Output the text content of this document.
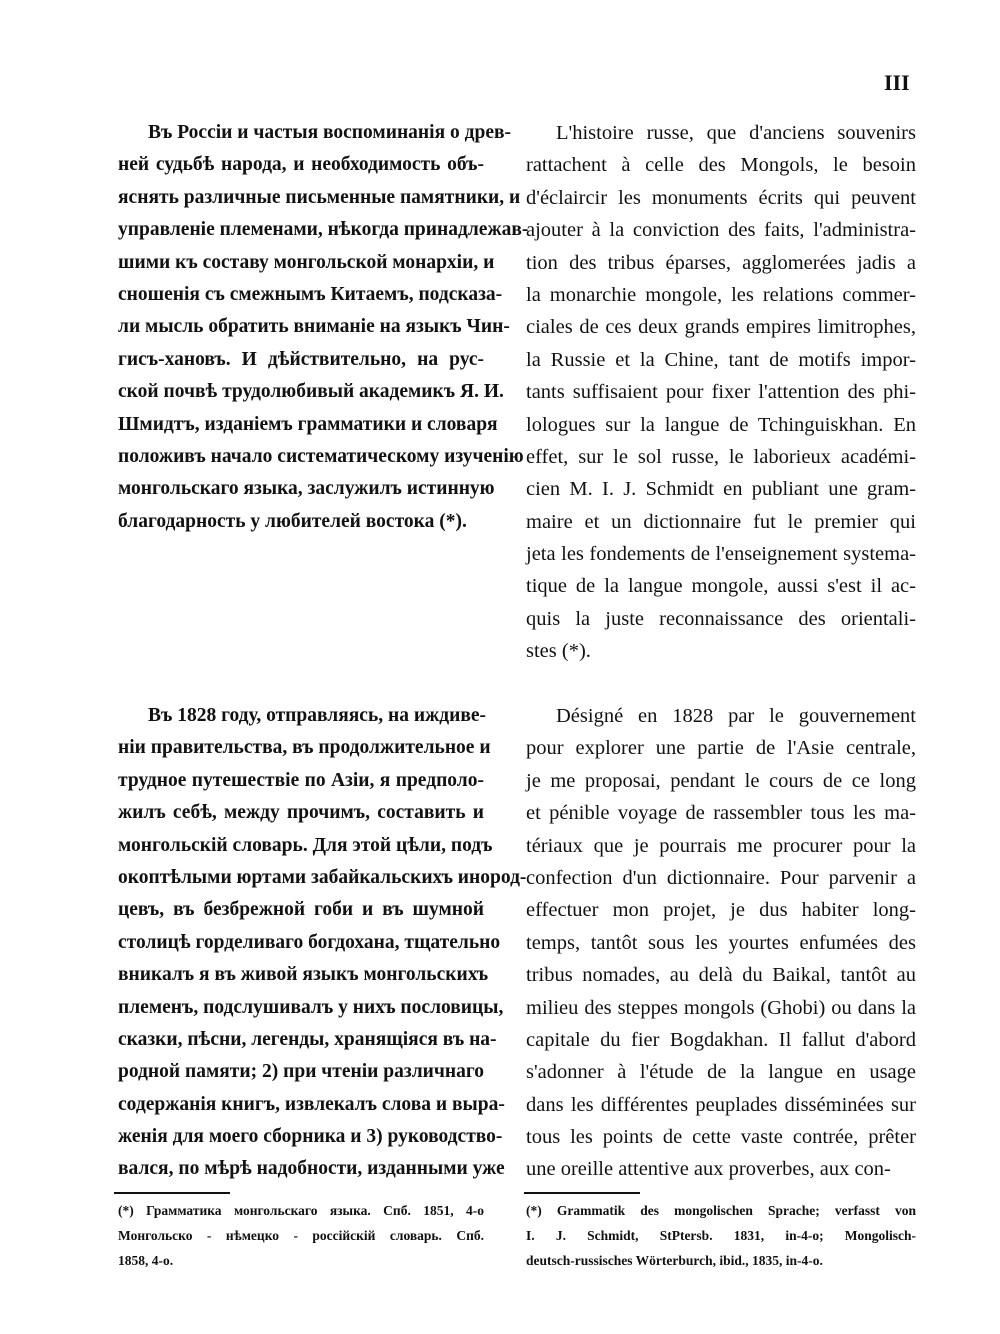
III
Въ Россіи и частыя воспоминанія о древ-
ней судьбѣ народа, и необходимость объ-
яснять различные письменные памятники, и
управленіе племенами, нѣкогда принадлежав-
шими къ составу монгольской монархіи, и
сношенія съ смежнымъ Китаемъ, подсказа-
ли мысль обратить вниманіе на языкъ Чин-
гисъ-хановъ. И дѣйствительно, на рус-
ской почвѣ трудолюбивый академикъ Я. И.
Шмидтъ, изданіемъ грамматики и словаря
положивъ начало систематическому изученію
монгольскаго языка, заслужилъ истинную
благодарность у любителей востока (*).
Въ 1828 году, отправляясь, на иждиве-
ніи правительства, въ продолжительное и
трудное путешествіе по Азіи, я предполо-
жилъ себѣ, между прочимъ, составить и
монгольскій словарь. Для этой цѣли, подъ
окоптѣлыми юртами забайкальскихъ инород-
цевъ, въ безбрежной гоби и въ шумной
столицѣ горделиваго богдохана, тщательно
вникалъ я въ живой языкъ монгольскихъ
племенъ, подслушивалъ у нихъ пословицы,
сказки, пѣсни, легенды, хранящіяся въ на-
родной памяти; 2) при чтеніи различнаго
содержанія книгъ, извлекалъ слова и выра-
женія для моего сборника и 3) руководство-
вался, по мѣрѣ надобности, изданными уже
(*) Грамматика монгольскаго языка. Спб. 1851, 4-о
Монгольско - нѣмецко - россійскій словарь. Спб.
1858, 4-о.
L'histoire russe, que d'anciens souvenirs
rattachent à celle des Mongols, le besoin
d'éclaircir les monuments écrits qui peuvent
ajouter à la conviction des faits, l'administra-
tion des tribus éparses, agglomerées jadis a
la monarchie mongole, les relations commer-
ciales de ces deux grands empires limitrophes,
la Russie et la Chine, tant de motifs impor-
tants suffisaient pour fixer l'attention des phi-
lologues sur la langue de Tchinguiskhan. En
effet, sur le sol russe, le laborieux académi-
cien M. I. J. Schmidt en publiant une gram-
maire et un dictionnaire fut le premier qui
jeta les fondements de l'enseignement systema-
tique de la langue mongole, aussi s'est il ac-
quis la juste reconnaissance des orientali-
stes (*).
Désigné en 1828 par le gouvernement
pour explorer une partie de l'Asie centrale,
je me proposai, pendant le cours de ce long
et pénible voyage de rassembler tous les ma-
tériaux que je pourrais me procurer pour la
confection d'un dictionnaire. Pour parvenir a
effectuer mon projet, je dus habiter long-
temps, tantôt sous les yourtes enfumées des
tribus nomades, au delà du Baikal, tantôt au
milieu des steppes mongols (Ghobi) ou dans la
capitale du fier Bogdakhan. Il fallut d'abord
s'adonner à l'étude de la langue en usage
dans les différentes peuplades disséminées sur
tous les points de cette vaste contrée, prêter
une oreille attentive aux proverbes, aux con-
(*) Grammatik des mongolischen Sprache; verfasst von
I. J. Schmidt, StPtersb. 1831, in-4-o; Mongolisch-
deutsch-russisches Wörterburch, ibid., 1835, in-4-o.
